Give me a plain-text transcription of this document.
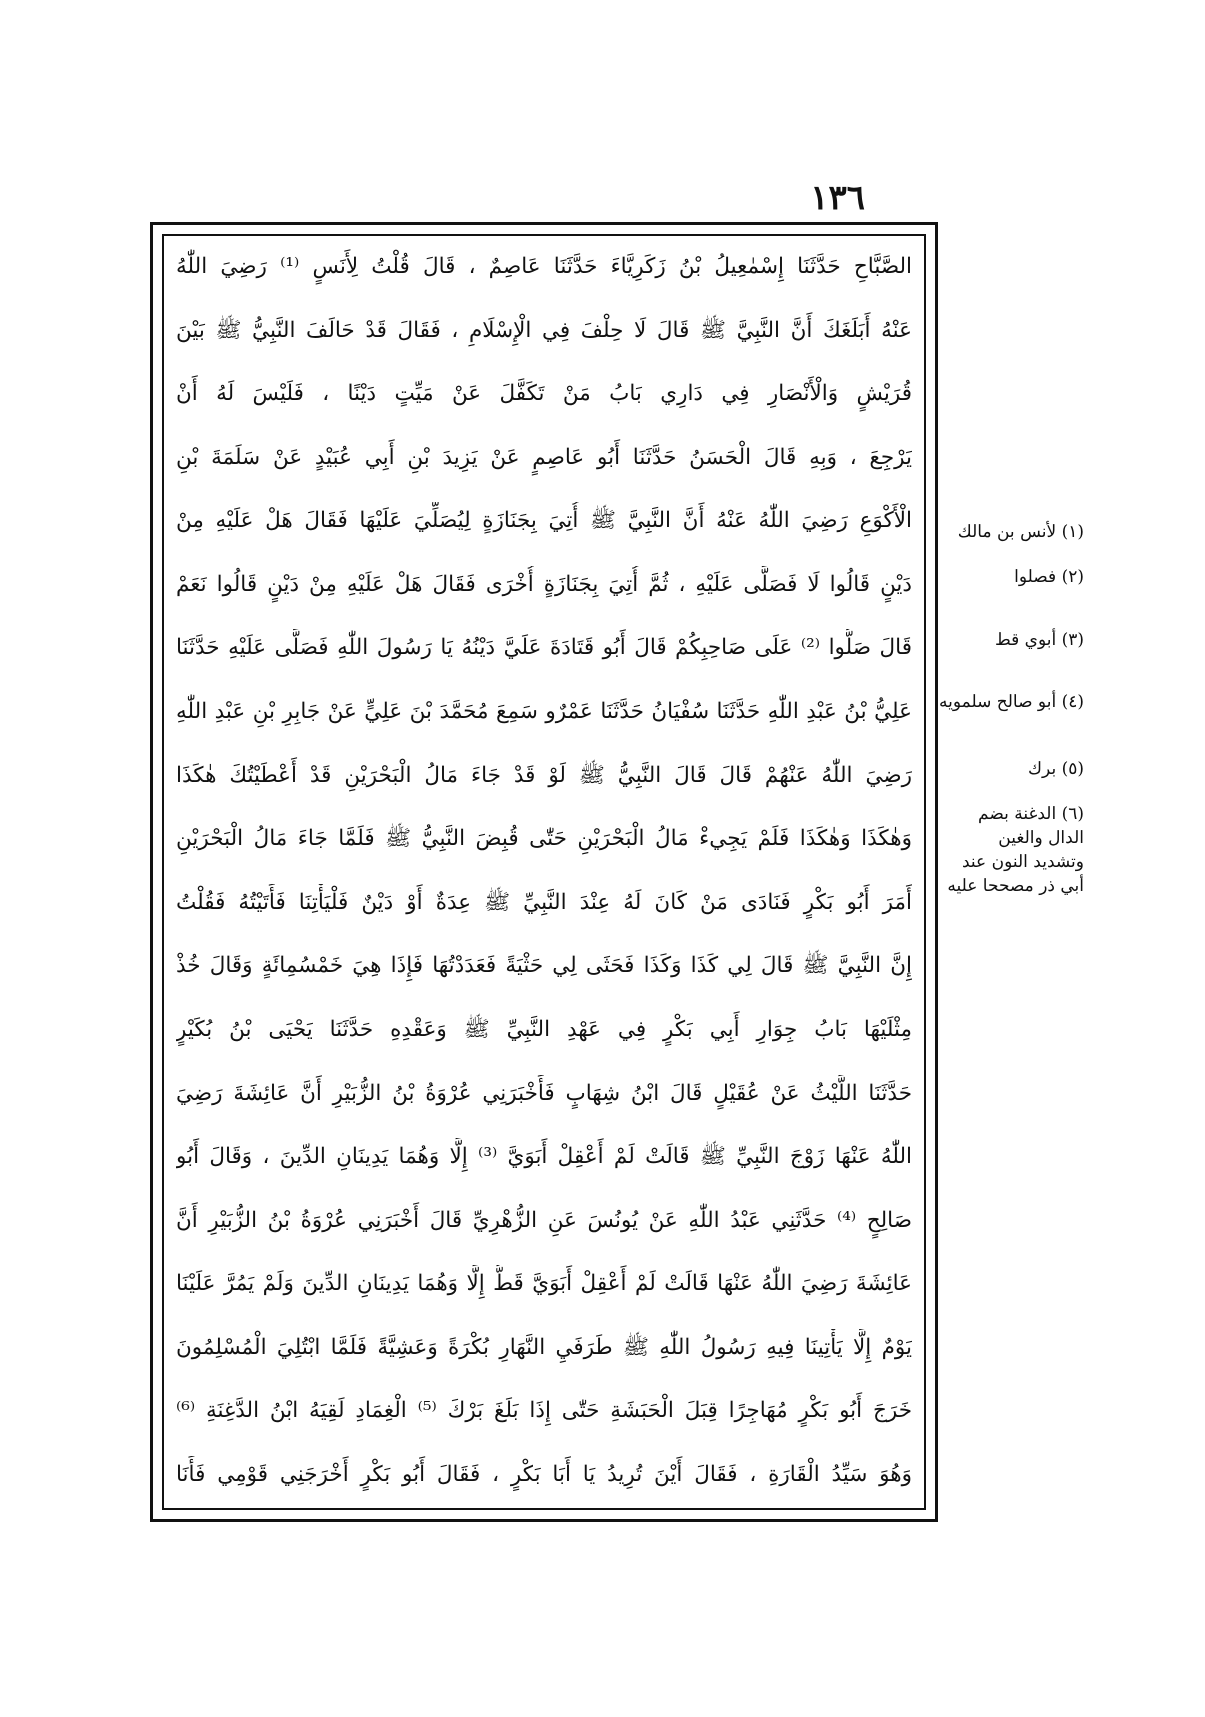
١٣٦
الصَّبَّاحِ حَدَّثَنَا إِسْمٰعِيلُ بْنُ زَكَرِيَّاءَ حَدَّثَنَا عَاصِمٌ ، قَالَ قُلْتُ لِأَنَسٍ ⁽¹⁾ رَضِيَ اللّٰهُ
عَنْهُ أَبَلَغَكَ أَنَّ النَّبِيَّ ﷺ قَالَ لَا حِلْفَ فِي الْإِسْلَامِ ، فَقَالَ قَدْ حَالَفَ النَّبِيُّ ﷺ بَيْنَ
قُرَيْشٍ وَالْأَنْصَارِ فِي دَارِي بَابُ مَنْ تَكَفَّلَ عَنْ مَيِّتٍ دَيْنًا ، فَلَيْسَ لَهُ أَنْ
يَرْجِعَ ، وَبِهِ قَالَ الْحَسَنُ حَدَّثَنَا أَبُو عَاصِمٍ عَنْ يَزِيدَ بْنِ أَبِي عُبَيْدٍ عَنْ سَلَمَةَ بْنِ
الْأَكْوَعِ رَضِيَ اللّٰهُ عَنْهُ أَنَّ النَّبِيَّ ﷺ أُتِيَ بِجَنَازَةٍ لِيُصَلِّيَ عَلَيْهَا فَقَالَ هَلْ عَلَيْهِ مِنْ
دَيْنٍ قَالُوا لَا فَصَلَّى عَلَيْهِ ، ثُمَّ أُتِيَ بِجَنَازَةٍ أُخْرَى فَقَالَ هَلْ عَلَيْهِ مِنْ دَيْنٍ قَالُوا نَعَمْ
قَالَ صَلُّوا ⁽²⁾ عَلَى صَاحِبِكُمْ قَالَ أَبُو قَتَادَةَ عَلَيَّ دَيْنُهُ يَا رَسُولَ اللّٰهِ فَصَلَّى عَلَيْهِ حَدَّثَنَا
عَلِيُّ بْنُ عَبْدِ اللّٰهِ حَدَّثَنَا سُفْيَانُ حَدَّثَنَا عَمْرٌو سَمِعَ مُحَمَّدَ بْنَ عَلِيٍّ عَنْ جَابِرِ بْنِ عَبْدِ اللّٰهِ
رَضِيَ اللّٰهُ عَنْهُمْ قَالَ قَالَ النَّبِيُّ ﷺ لَوْ قَدْ جَاءَ مَالُ الْبَحْرَيْنِ قَدْ أَعْطَيْتُكَ هٰكَذَا
وَهٰكَذَا وَهٰكَذَا فَلَمْ يَجِيءْ مَالُ الْبَحْرَيْنِ حَتّٰى قُبِضَ النَّبِيُّ ﷺ فَلَمَّا جَاءَ مَالُ الْبَحْرَيْنِ
أَمَرَ أَبُو بَكْرٍ فَنَادَى مَنْ كَانَ لَهُ عِنْدَ النَّبِيِّ ﷺ عِدَةٌ أَوْ دَيْنٌ فَلْيَأْتِنَا فَأَتَيْتُهُ فَقُلْتُ
إِنَّ النَّبِيَّ ﷺ قَالَ لِي كَذَا وَكَذَا فَحَثَى لِي حَثْيَةً فَعَدَدْتُهَا فَإِذَا هِيَ خَمْسُمِائَةٍ وَقَالَ خُذْ
مِثْلَيْهَا بَابُ جِوَارِ أَبِي بَكْرٍ فِي عَهْدِ النَّبِيِّ ﷺ وَعَقْدِهِ حَدَّثَنَا يَحْيَى بْنُ بُكَيْرٍ
حَدَّثَنَا اللَّيْثُ عَنْ عُقَيْلٍ قَالَ ابْنُ شِهَابٍ فَأَخْبَرَنِي عُرْوَةُ بْنُ الزُّبَيْرِ أَنَّ عَائِشَةَ رَضِيَ
اللّٰهُ عَنْهَا زَوْجَ النَّبِيِّ ﷺ قَالَتْ لَمْ أَعْقِلْ أَبَوَيَّ ⁽³⁾ إِلَّا وَهُمَا يَدِينَانِ الدِّينَ ، وَقَالَ أَبُو
صَالِحٍ ⁽⁴⁾ حَدَّثَنِي عَبْدُ اللّٰهِ عَنْ يُونُسَ عَنِ الزُّهْرِيِّ قَالَ أَخْبَرَنِي عُرْوَةُ بْنُ الزُّبَيْرِ أَنَّ
عَائِشَةَ رَضِيَ اللّٰهُ عَنْهَا قَالَتْ لَمْ أَعْقِلْ أَبَوَيَّ قَطُّ إِلَّا وَهُمَا يَدِينَانِ الدِّينَ وَلَمْ يَمُرَّ عَلَيْنَا
يَوْمٌ إِلَّا يَأْتِينَا فِيهِ رَسُولُ اللّٰهِ ﷺ طَرَفَيِ النَّهَارِ بُكْرَةً وَعَشِيَّةً فَلَمَّا ابْتُلِيَ الْمُسْلِمُونَ
خَرَجَ أَبُو بَكْرٍ مُهَاجِرًا قِبَلَ الْحَبَشَةِ حَتّٰى إِذَا بَلَغَ بَرْكَ ⁽⁵⁾ الْغِمَادِ لَقِيَهُ ابْنُ الدَّغِنَةِ ⁽⁶⁾
وَهُوَ سَيِّدُ الْقَارَةِ ، فَقَالَ أَيْنَ تُرِيدُ يَا أَبَا بَكْرٍ ، فَقَالَ أَبُو بَكْرٍ أَخْرَجَنِي قَوْمِي فَأَنَا
(١) لأنس بن مالك
(٢) فصلوا
(٣) أبوي قط
(٤) أبو صالح سلمويه
(٥) برك
(٦) الدغنة بضم الدال والغين وتشديد النون عند أبي ذر مصححا عليه
